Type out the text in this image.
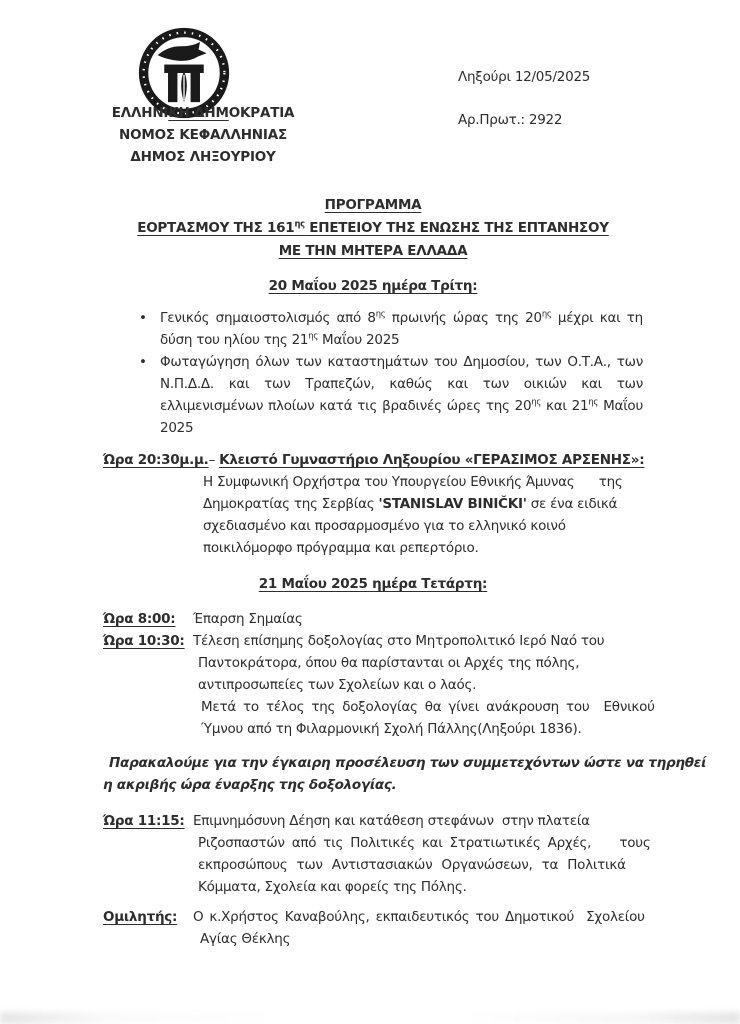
ΕΛΛΗΝΙΚΗ ΔΗΜΟΚΡΑΤΙΑ
ΝΟΜΟΣ ΚΕΦΑΛΛΗΝΙΑΣ
ΔΗΜΟΣ ΛΗΞΟΥΡΙΟΥ
Ληξούρι 12/05/2025
Αρ.Πρωτ.: 2922
ΠΡΟΓΡΑΜΜΑ
ΕΟΡΤΑΣΜΟΥ ΤΗΣ $161^{\eta\varsigma}$ ΕΠΕΤΕΙΟΥ ΤΗΣ ΕΝΩΣΗΣ ΤΗΣ ΕΠΤΑΝΗΣΟΥ
ΜΕ ΤΗΝ ΜΗΤΕΡΑ ΕΛΛΑΔΑ
20 Μαΐου 2025 ημέρα Τρίτη:
• Γενικός σημαιοστολισμός από $8^{\eta\varsigma}$ πρωινής ώρας της $20^{\eta\varsigma}$ μέχρι και τη δύση του ηλίου της $21^{\eta\varsigma}$ Μαΐου 2025
• Φωταγώγηση όλων των καταστημάτων του Δημοσίου, των Ο.Τ.Α., των Ν.Π.Δ.Δ. και των Τραπεζών, καθώς και των οικιών και των ελλιμενισμένων πλοίων κατά τις βραδινές ώρες της $20^{\eta\varsigma}$ και $21^{\eta\varsigma}$ Μαΐου 2025
Ώρα 20:30μ.μ.– Κλειστό Γυμναστήριο Ληξουρίου «ΓΕΡΑΣΙΜΟΣ ΑΡΣΕΝΗΣ»:
Η Συμφωνική Ορχήστρα του Υπουργείου Εθνικής Άμυνας      της
Δημοκρατίας της Σερβίας 'STANISLAV BINIČKI' σε ένα ειδικά
σχεδιασμένο και προσαρμοσμένο για το ελληνικό κοινό
ποικιλόμορφο πρόγραμμα και ρεπερτόριο.
21 Μαΐου 2025 ημέρα Τετάρτη:
Ώρα 8:00:	Έπαρση Σημαίας
Ώρα 10:30: Τέλεση επίσημης δοξολογίας στο Μητροπολιτικό Ιερό Ναό του
Παντοκράτορα, όπου θα παρίστανται οι Αρχές της πόλης,
αντιπροσωπείες των Σχολείων και ο λαός.
Μετά το τέλος της δοξολογίας θα γίνει ανάκρουση του  Εθνικού
Ύμνου από τη Φιλαρμονική Σχολή Πάλλης(Ληξούρι 1836).
Παρακαλούμε για την έγκαιρη προσέλευση των συμμετεχόντων ώστε να τηρηθεί
η ακριβής ώρα έναρξης της δοξολογίας.
Ώρα 11:15: Επιμνημόσυνη Δέηση και κατάθεση στεφάνων  στην πλατεία
Ριζοσπαστών από τις Πολιτικές και Στρατιωτικές Αρχές,    τους
εκπροσώπους των Αντιστασιακών Οργανώσεων, τα Πολιτικά
Κόμματα, Σχολεία και φορείς της Πόλης.
Ομιλητής:	Ο κ.Χρήστος Καναβούλης, εκπαιδευτικός του Δημοτικού  Σχολείου
Αγίας Θέκλης
